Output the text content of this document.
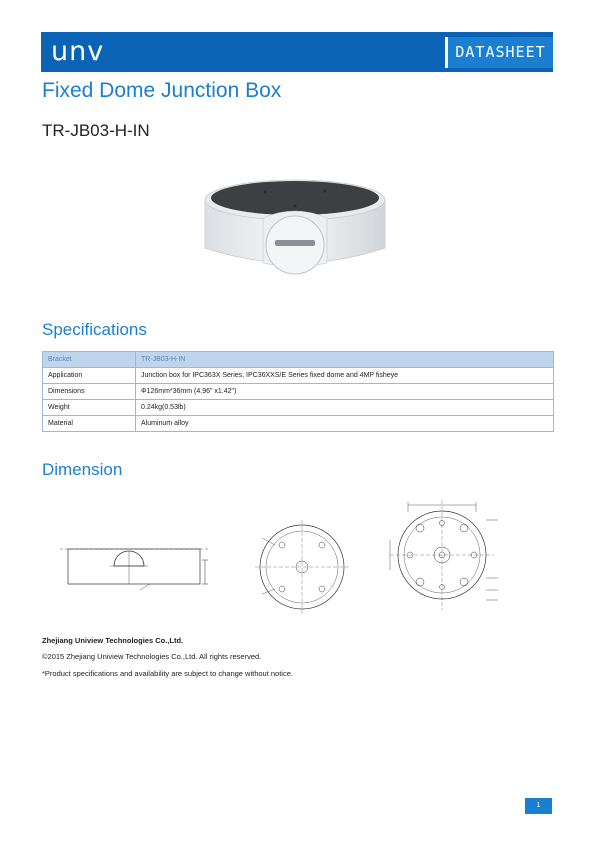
unv	DATASHEET
Fixed Dome Junction Box
TR-JB03-H-IN
Specifications
Bracket	TR-JB03-H-IN
Application	Junction box for IPC363X Series, IPC36XXS/E Series fixed dome and 4MP fisheye
Dimensions	Φ126mm*36mm (4.96" x1.42")
Weight	0.24kg(0.53lb)
Material	Aluminum alloy
Dimension
Zhejiang Uniview Technologies Co.,Ltd.
©2015 Zhejiang Uniview Technologies Co.,Ltd. All rights reserved.
*Product specifications and availability are subject to change without notice.
1
